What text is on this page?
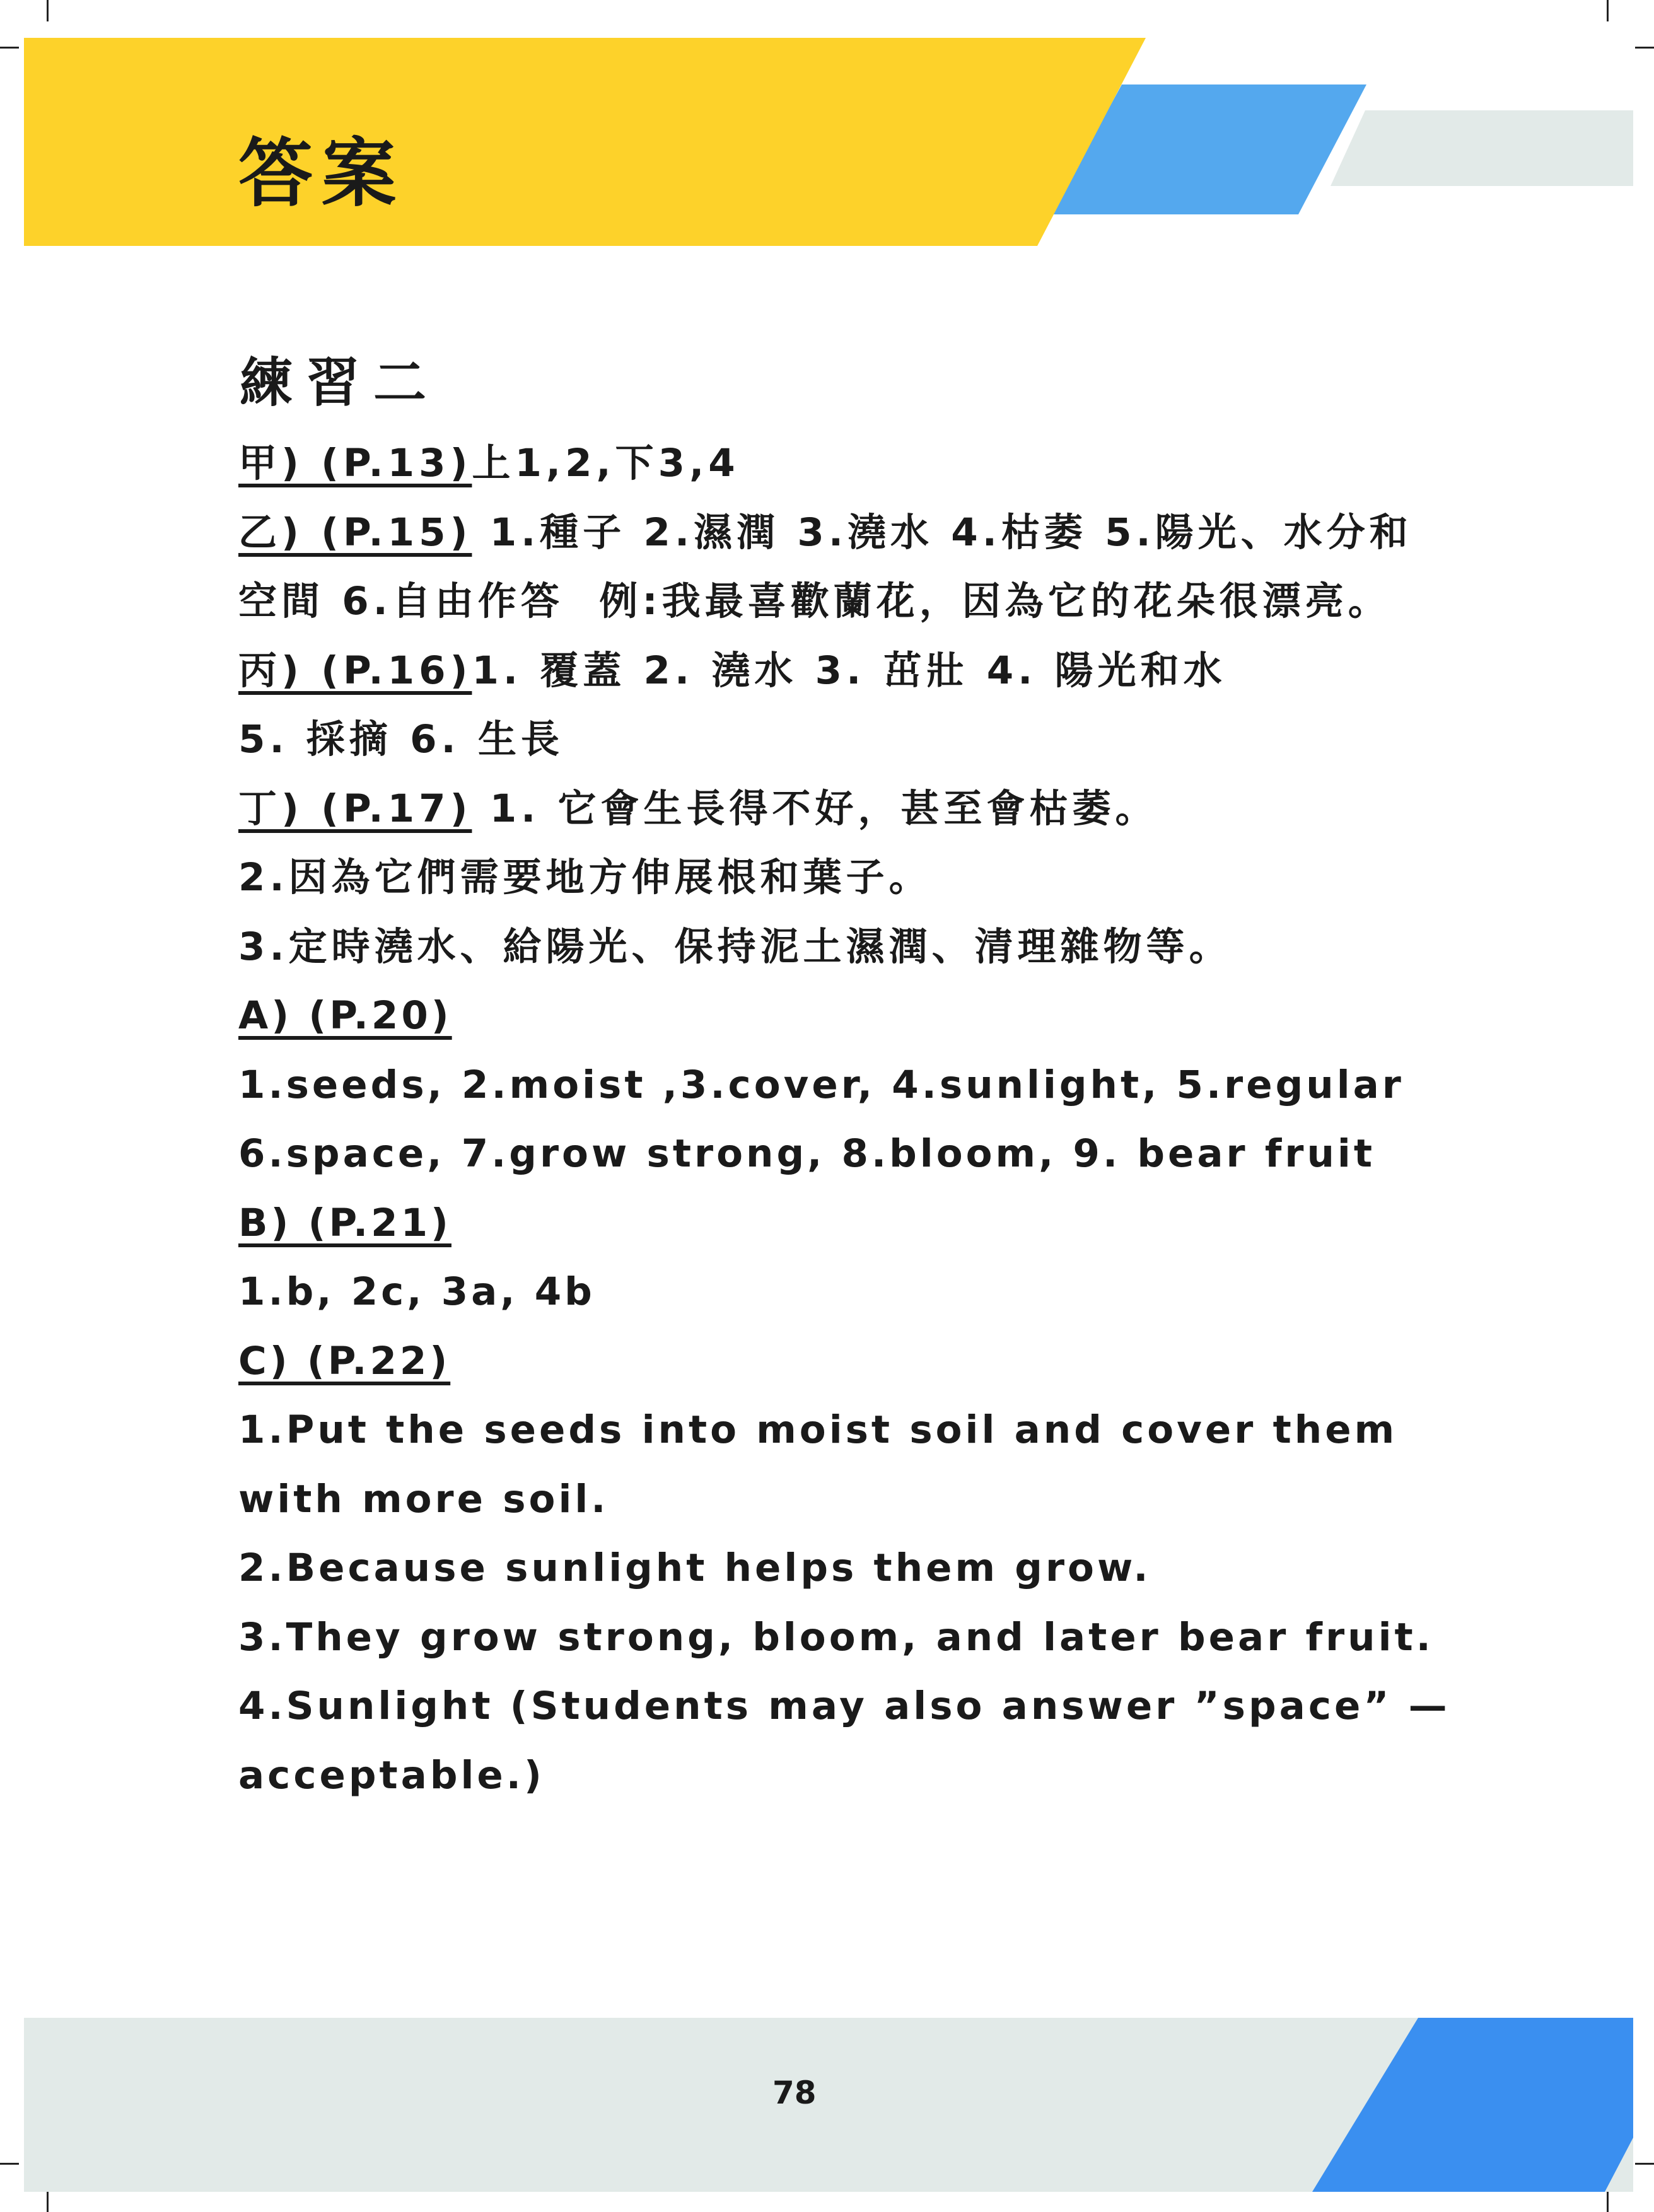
答案
練習二
甲) (P.13)上1,2,下3,4
乙) (P.15) 1.種子 2.濕潤 3.澆水 4.枯萎 5.陽光、水分和
空間 6.自由作答  例:我最喜歡蘭花，因為它的花朵很漂亮。
丙) (P.16)1. 覆蓋 2. 澆水 3. 茁壯 4. 陽光和水
5. 採摘 6. 生長
丁) (P.17) 1. 它會生長得不好，甚至會枯萎。
2.因為它們需要地方伸展根和葉子。
3.定時澆水、給陽光、保持泥土濕潤、清理雜物等。
A) (P.20)
1.seeds, 2.moist ,3.cover, 4.sunlight, 5.regular
6.space, 7.grow strong, 8.bloom, 9. bear fruit
B) (P.21)
1.b, 2c, 3a, 4b
C) (P.22)
1.Put the seeds into moist soil and cover them
with more soil.
2.Because sunlight helps them grow.
3.They grow strong, bloom, and later bear fruit.
4.Sunlight (Students may also answer ”space” —
acceptable.)
78
